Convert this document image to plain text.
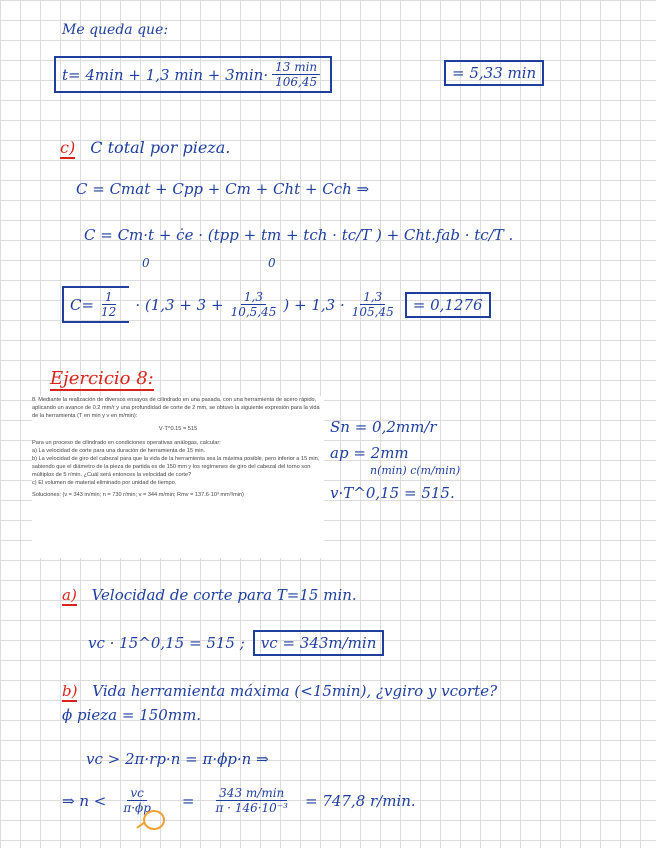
Me queda que:
t= 4min + 1,3 $\min + 3\min\cdot \frac{13 \min}{106,45}$	= 5,33 min
c) C total por pieza.
C = Cmat + Cpp + Cm + Cht + Cch ⇒
C = Cm·t + ċe · (tpp + tm + tch · tc/T ) + Cht.fab · tc/T .
0	0
$C= \frac{1}{12} \cdot (1,3 + 3 + \frac{1,3}{10,5,45}$ ) + $1,3 \cdot \frac{1,3}{105,45}$	= 0,1276
Ejercicio 8:

8. Mediante la realización de diversos ensayos de cilindrado en una pasada, con una herramienta de acero rápido, aplicando un avance de 0.2 mm/r y una profundidad de corte de 2 mm, se obtuvo la siguiente expresión para la vida de la herramienta (T en min y v en m/min):

V·T^0.15 = 515

Para un proceso de cilindrado en condiciones operativas análogas, calcular:

a) La velocidad de corte para una duración de herramienta de 15 min.

b) La velocidad de giro del cabezal para que la vida de la herramienta sea la máxima posible, pero inferior a 15 min, sabiendo que el diámetro de la pieza de partida es de 150 mm y los regímenes de giro del cabezal del torno son múltiplos de 5 r/min. ¿Cuál será entonces la velocidad de corte?

c) El volumen de material eliminado por unidad de tiempo.

Soluciones: (v = 343 m/min; n = 730 r/min; v = 344 m/min; Rmv = 137.6·10³ mm³/min)

Sn = 0,2mm/r
ap = 2mm
n(min) c(m/min)
v·T^0,15 = 515.
a) Velocidad de corte para T=15 min.
vc · 15^0,15 = 515 ;	vc = 343m/min
b) Vida herramienta máxima (<15min), ¿vgiro y vcorte?
ϕ pieza = 150mm.
vc > 2π·rp·n = π·ϕp·n ⇒
⇒ $n < \frac{vc}{\pi\cdot\phi p} = \frac{343 m/\min}{\text{π · 146·10⁻³}} = 747,8$ r/min.
